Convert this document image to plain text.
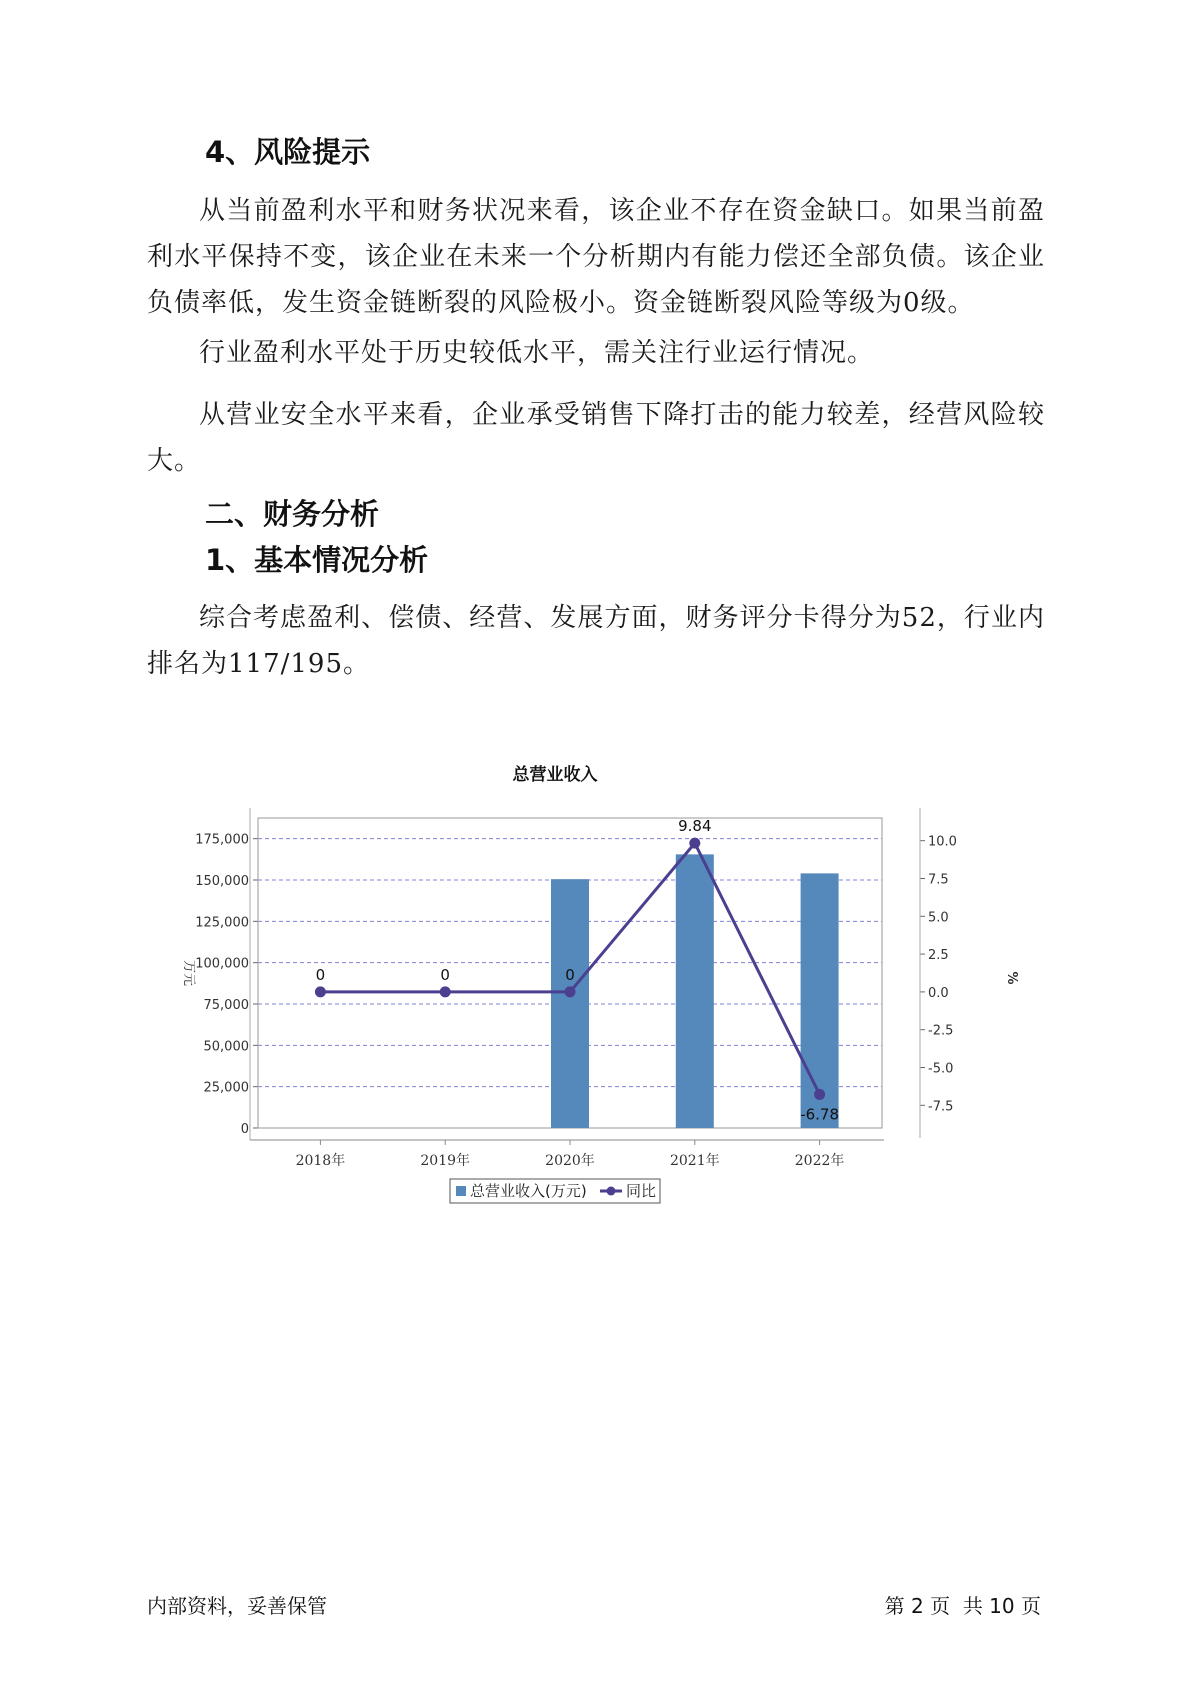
4、风险提示

从当前盈利水平和财务状况来看，该企业不存在资金缺口。如果当前盈利水平保持不变，该企业在未来一个分析期内有能力偿还全部负债。该企业负债率低，发生资金链断裂的风险极小。资金链断裂风险等级为0级。

行业盈利水平处于历史较低水平，需关注行业运行情况。

从营业安全水平来看，企业承受销售下降打击的能力较差，经营风险较大。

二、财务分析
1、基本情况分析

综合考虑盈利、偿债、经营、发展方面，财务评分卡得分为52，行业内排名为117/195。

总营业收入
0
25,000
50,000
75,000
100,000
125,000
150,000
175,000
-7.5
-5.0
-2.5
0.0
2.5
5.0
7.5
10.0
万元	%
2018年	2019年	2020年	2021年	2022年
0	0	0
9.84
-6.78
总营业收入(万元)	同比
内部资料，妥善保管	第 2 页  共 10 页
